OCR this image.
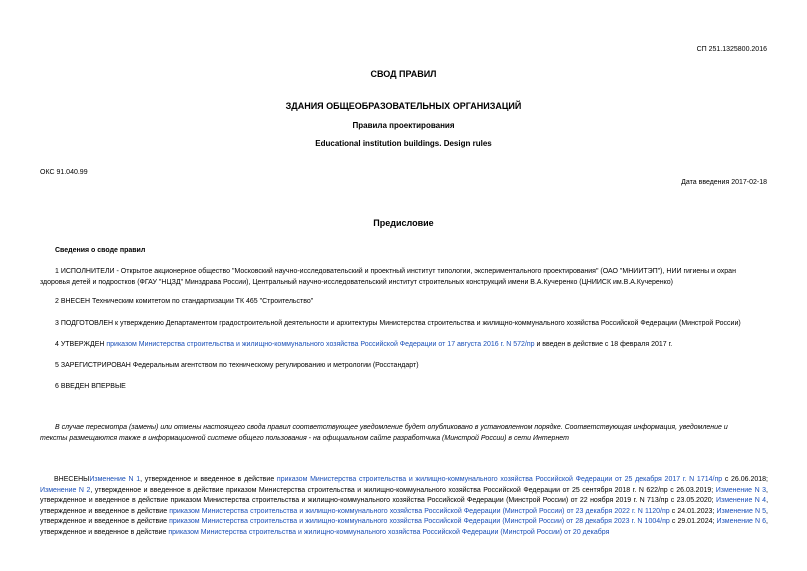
СП 251.1325800.2016
СВОД ПРАВИЛ
ЗДАНИЯ ОБЩЕОБРАЗОВАТЕЛЬНЫХ ОРГАНИЗАЦИЙ
Правила проектирования
Educational institution buildings. Design rules
ОКС 91.040.99
Дата введения 2017-02-18
Предисловие
Сведения о своде правил
1 ИСПОЛНИТЕЛИ - Открытое акционерное общество "Московский научно-исследовательский и проектный институт типологии, экспериментального проектирования" (ОАО "МНИИТЭП"), НИИ гигиены и охран
здоровья детей и подростков (ФГАУ "НЦЗД" Минздрава России), Центральный научно-исследовательский институт строительных конструкций имени В.А.Кучеренко (ЦНИИСК им.В.А.Кучеренко)
2 ВНЕСЕН Техническим комитетом по стандартизации ТК 465 "Строительство"
3 ПОДГОТОВЛЕН к утверждению Департаментом градостроительной деятельности и архитектуры Министерства строительства и жилищно-коммунального хозяйства Российской Федерации (Минстрой России)
4 УТВЕРЖДЕН приказом Министерства строительства и жилищно-коммунального хозяйства Российской Федерации от 17 августа 2016 г. N 572/пр и введен в действие с 18 февраля 2017 г.
5 ЗАРЕГИСТРИРОВАН Федеральным агентством по техническому регулированию и метрологии (Росстандарт)
6 ВВЕДЕН ВПЕРВЫЕ
В случае пересмотра (замены) или отмены настоящего свода правил соответствующее уведомление будет опубликовано в установленном порядке. Соответствующая информация, уведомление и
тексты размещаются также в информационной системе общего пользования - на официальном сайте разработчика (Минстрой России) в сети Интернет
ВНЕСЕНЫИзменение N 1, утвержденное и введенное в действие приказом Министерства строительства и жилищно-коммунального хозяйства Российской Федерации от 25 декабря 2017 г. N 1714/пр с 26.06.2018; Изменение N 2, утвержденное и введенное в действие приказом Министерства строительства и жилищно-коммунального хозяйства Российской Федерации от 25 сентября 2018 г. N 622/пр с 26.03.2019; Изменение N 3, утвержденное и введенное в действие приказом Министерства строительства и жилищно-коммунального хозяйства Российской Федерации (Минстрой России) от 22 ноября 2019 г. N 713/пр с 23.05.2020; Изменение N 4, утвержденное и введенное в действие приказом Министерства строительства и жилищно-коммунального хозяйства Российской Федерации (Минстрой России) от 23 декабря 2022 г. N 1120/пр с 24.01.2023; Изменение N 5, утвержденное и введенное в действие приказом Министерства строительства и жилищно-коммунального хозяйства Российской Федерации (Минстрой России) от 28 декабря 2023 г. N 1004/пр с 29.01.2024; Изменение N 6, утвержденное и введенное в действие приказом Министерства строительства и жилищно-коммунального хозяйства Российской Федерации (Минстрой России) от 20 декабря
